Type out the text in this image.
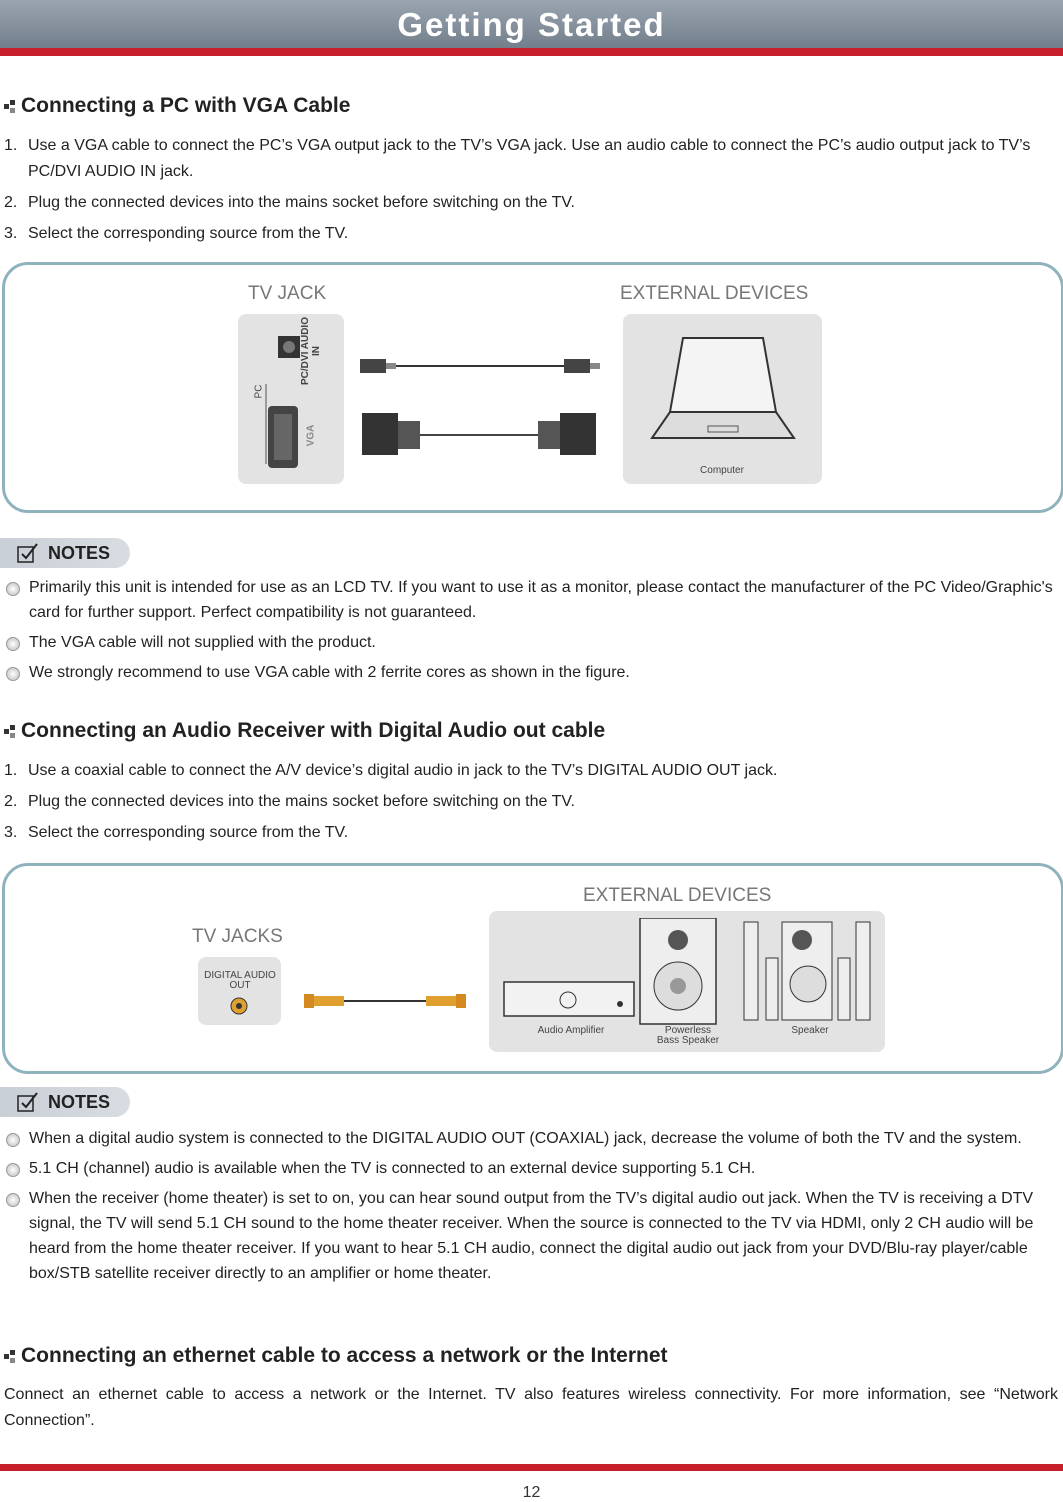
Getting Started
Connecting a PC with VGA Cable
1. Use a VGA cable to connect the PC’s VGA output jack to the TV’s VGA jack. Use an audio cable to connect the PC’s audio output jack to TV’s PC/DVI AUDIO IN jack.
2. Plug the connected devices into the mains socket before switching on the TV.
3. Select the corresponding source from the TV.
TV JACK	EXTERNAL DEVICES
PC
PC/DVI AUDIO IN
VGA
Computer
NOTES
Primarily this unit is intended for use as an LCD TV. If you want to use it as a monitor, please contact the manufacturer of the PC Video/Graphic's card for further support. Perfect compatibility is not guaranteed.
The VGA cable will not supplied with the product.
We strongly recommend to use VGA cable with 2 ferrite cores as shown in the figure.
Connecting an Audio Receiver with Digital Audio out cable
1. Use a coaxial cable to connect the A/V device’s digital audio in jack to the TV’s DIGITAL AUDIO OUT jack.
2. Plug the connected devices into the mains socket before switching on the TV.
3. Select the corresponding source from the TV.
EXTERNAL DEVICES
TV JACKS
DIGITAL AUDIO OUT
Audio Amplifier	Powerless
Bass Speaker
Speaker
NOTES
When a digital audio system is connected to the DIGITAL AUDIO OUT (COAXIAL) jack, decrease the volume of both the TV and the system.
5.1 CH (channel) audio is available when the TV is connected to an external device supporting 5.1 CH.
When the receiver (home theater) is set to on, you can hear sound output from the TV’s digital audio out jack. When the TV is receiving a DTV signal, the TV will send 5.1 CH sound to the home theater receiver. When the source is connected to the TV via HDMI, only 2 CH audio will be heard from the home theater receiver. If you want to hear 5.1 CH audio, connect the digital audio out jack from your DVD/Blu-ray player/cable box/STB satellite receiver directly to an amplifier or home theater.
Connecting an ethernet cable to access a network or the Internet
Connect an ethernet cable to access a network or the Internet. TV also features wireless connectivity. For more information, see “Network Connection”.
12
